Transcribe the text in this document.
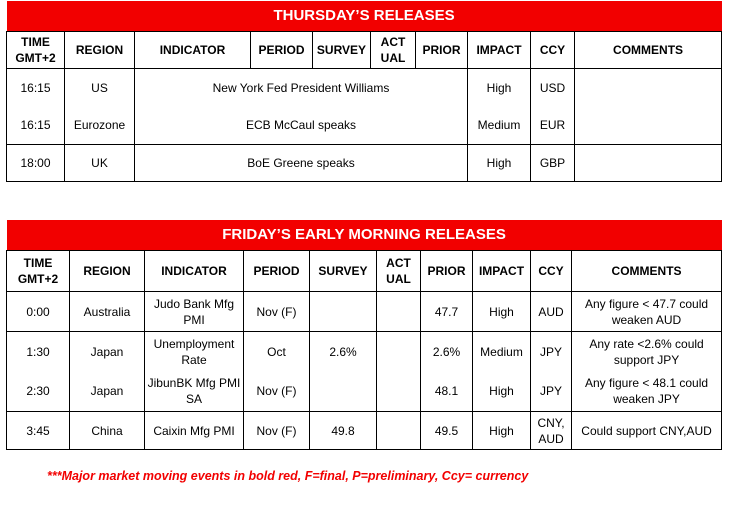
THURSDAY’S RELEASES									
TIME GMT+2	REGION	INDICATOR	PERIOD	SURVEY	ACT UAL	PRIOR	IMPACT	CCY	COMMENTS
16:15	US	New York Fed President Williams					High	USD	
16:15	Eurozone	ECB McCaul speaks					Medium	EUR	
18:00	UK	BoE Greene speaks					High	GBP	
FRIDAY’S EARLY MORNING RELEASES									
TIME GMT+2	REGION	INDICATOR	PERIOD	SURVEY	ACT UAL	PRIOR	IMPACT	CCY	COMMENTS
0:00	Australia	Judo Bank Mfg PMI	Nov (F)			47.7	High	AUD	Any figure < 47.7 could weaken AUD
1:30	Japan	Unemployment Rate	Oct	2.6%		2.6%	Medium	JPY	Any rate <2.6% could support JPY
2:30	Japan	JibunBK Mfg PMI SA	Nov (F)			48.1	High	JPY	Any figure < 48.1 could weaken JPY
3:45	China	Caixin Mfg PMI	Nov (F)	49.8		49.5	High	CNY, AUD	Could support CNY,AUD
***Major market moving events in bold red, F=final, P=preliminary, Ccy= currency
